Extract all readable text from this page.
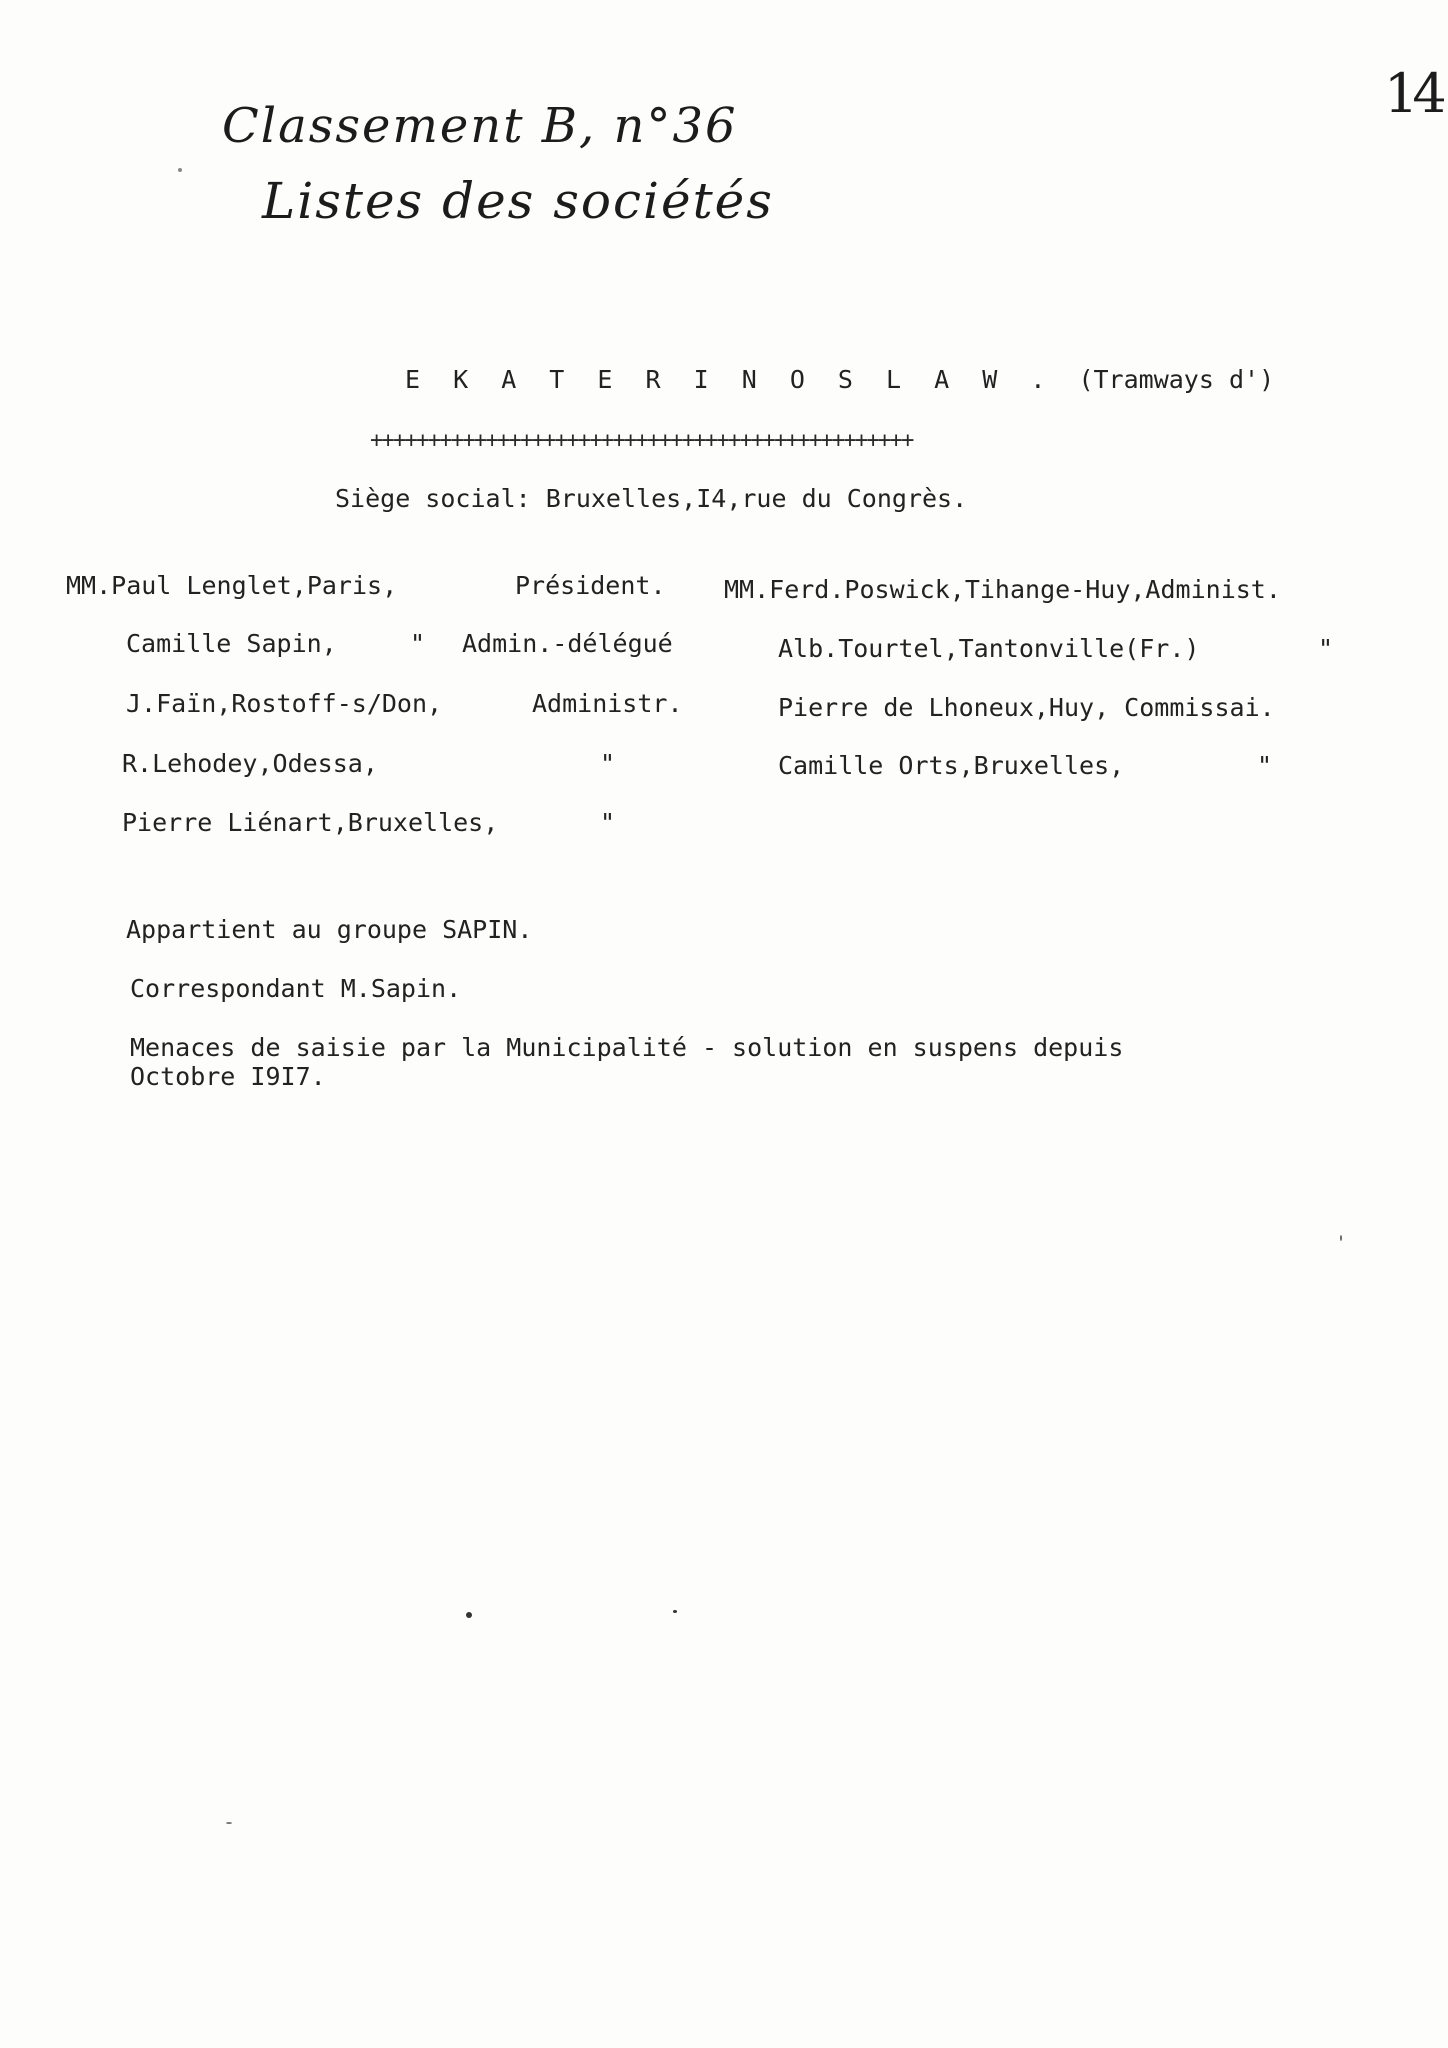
Classement B, n°36
Listes des sociétés
14
E K A T E R I N O S L A W . (Tramways d')
+++++++++++++++++++++++++++++++++++++++++++++++
Siège social: Bruxelles,I4,rue du Congrès.
MM.Paul Lenglet,Paris,	Président.
Camille Sapin,	" Admin.-délégué
J.Faïn,Rostoff-s/Don,	Administr.
R.Lehodey,Odessa,	"
Pierre Liénart,Bruxelles,	"
MM.Ferd.Poswick,Tihange-Huy,Administ.
Alb.Tourtel,Tantonville(Fr.)	"
Pierre de Lhoneux,Huy, Commissai.
Camille Orts,Bruxelles,	"
Appartient au groupe SAPIN.
Correspondant M.Sapin.
Menaces de saisie par la Municipalité - solution en suspens depuis
Octobre I9I7.
